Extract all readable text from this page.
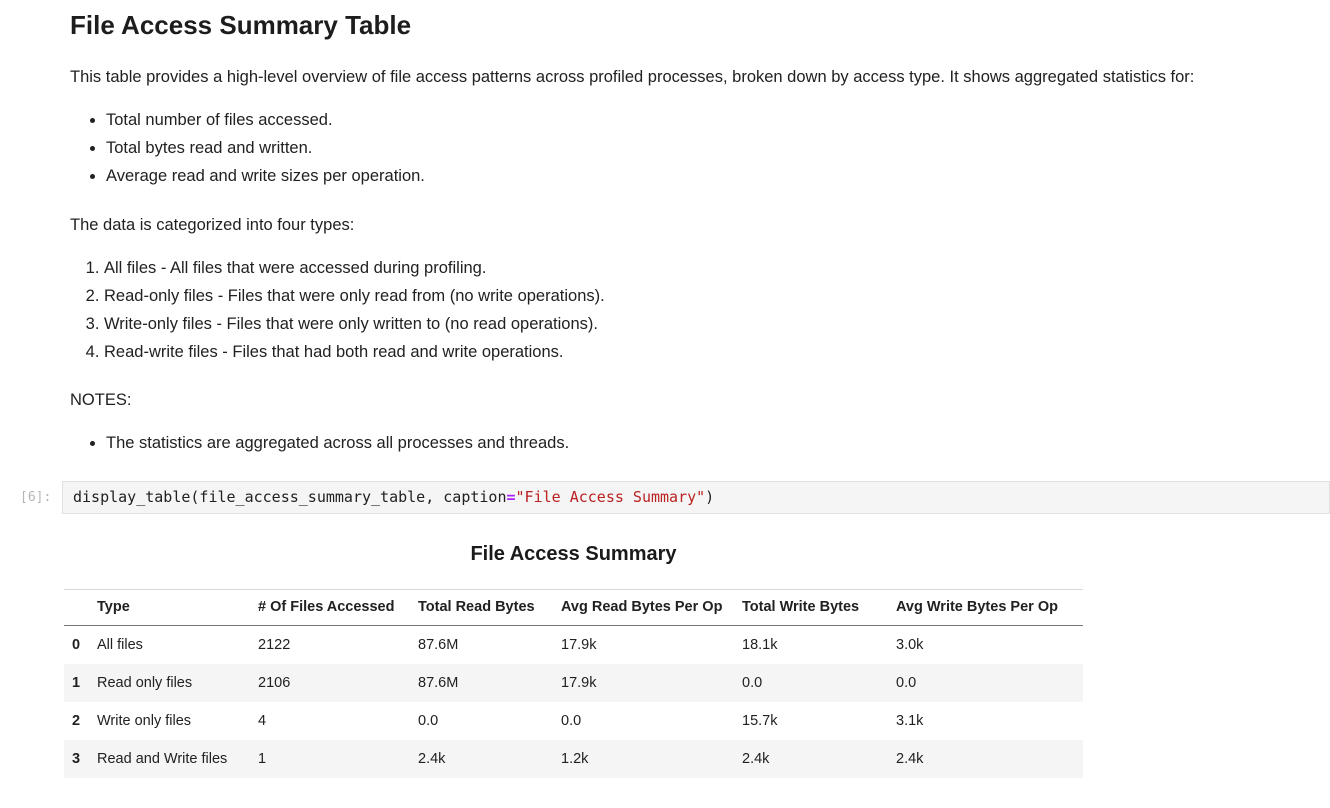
File Access Summary Table

This table provides a high-level overview of file access patterns across profiled processes, broken down by access type. It shows aggregated statistics for:

• Total number of files accessed.
• Total bytes read and written.
• Average read and write sizes per operation.

The data is categorized into four types:

1. All files - All files that were accessed during profiling.
2. Read-only files - Files that were only read from (no write operations).
3. Write-only files - Files that were only written to (no read operations).
4. Read-write files - Files that had both read and write operations.

NOTES:

• The statistics are aggregated across all processes and threads.
[6]:	display_table(file_access_summary_table, caption="File Access Summary")
File Access Summary
	Type	# Of Files Accessed	Total Read Bytes	Avg Read Bytes Per Op	Total Write Bytes	Avg Write Bytes Per Op
0	All files	2122	87.6M	17.9k	18.1k	3.0k
1	Read only files	2106	87.6M	17.9k	0.0	0.0
2	Write only files	4	0.0	0.0	15.7k	3.1k
3	Read and Write files	1	2.4k	1.2k	2.4k	2.4k
